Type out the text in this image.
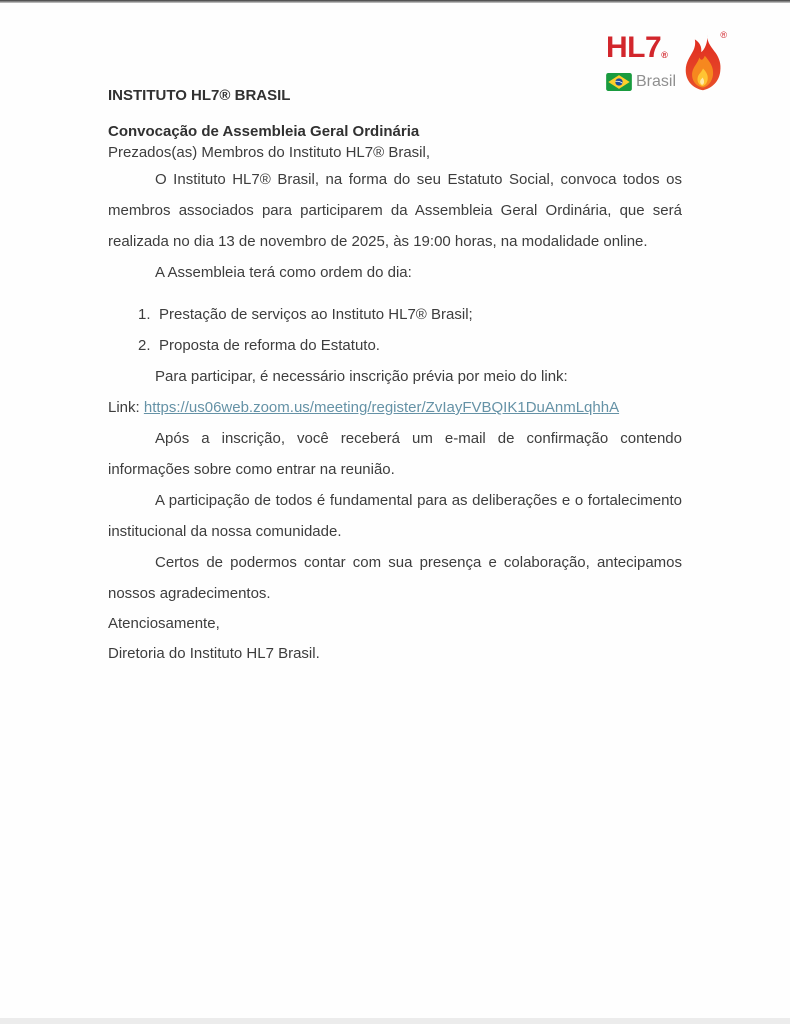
HL7®
Brasil
®
INSTITUTO HL7® BRASIL
Convocação de Assembleia Geral Ordinária

Prezados(as) Membros do Instituto HL7® Brasil,

O Instituto HL7® Brasil, na forma do seu Estatuto Social, convoca todos os membros associados para participarem da Assembleia Geral Ordinária, que será realizada no dia 13 de novembro de 2025, às 19:00 horas, na modalidade online.

A Assembleia terá como ordem do dia:

1. Prestação de serviços ao Instituto HL7® Brasil;
2. Proposta de reforma do Estatuto.

Para participar, é necessário inscrição prévia por meio do link:

Link: https://us06web.zoom.us/meeting/register/ZvIayFVBQIK1DuAnmLqhhA

Após a inscrição, você receberá um e-mail de confirmação contendo informações sobre como entrar na reunião.

A participação de todos é fundamental para as deliberações e o fortalecimento institucional da nossa comunidade.

Certos de podermos contar com sua presença e colaboração, antecipamos nossos agradecimentos.

Atenciosamente,

Diretoria do Instituto HL7 Brasil.
